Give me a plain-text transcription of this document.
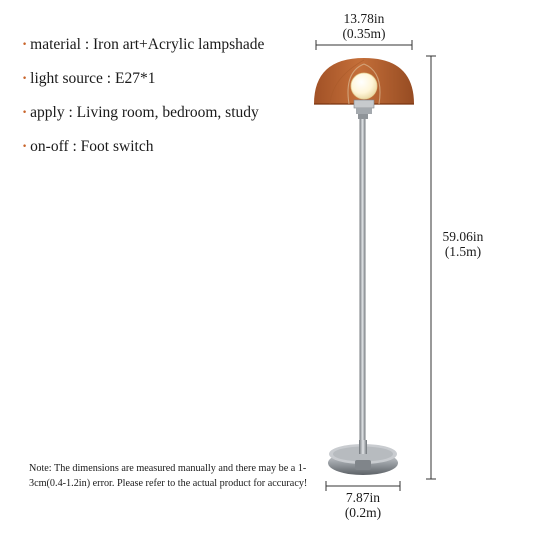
· material : Iron art+Acrylic lampshade
· light source : E27*1
· apply : Living room, bedroom, study
· on-off : Foot switch
13.78in
(0.35m)
59.06in
(1.5m)
7.87in
(0.2m)
Note: The dimensions are measured manually and there may be a 1-3cm(0.4-1.2in) error. Please refer to the actual product for accuracy!
